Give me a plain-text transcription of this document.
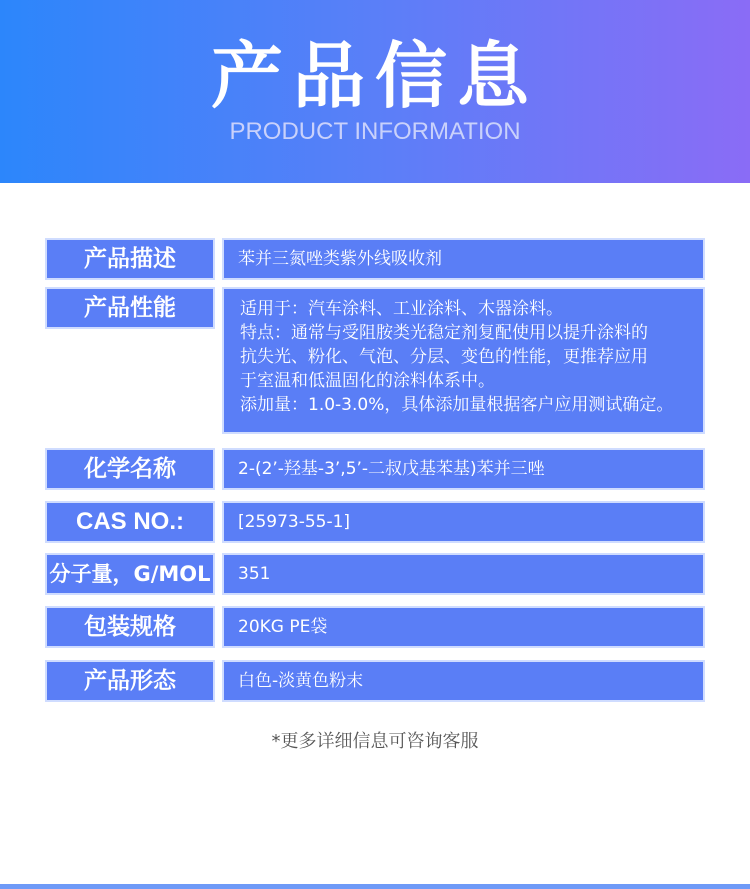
产品信息
PRODUCT INFORMATION
产品描述	苯并三氮唑类紫外线吸收剂
产品性能	适用于：汽车涂料、工业涂料、木器涂料。
特点：通常与受阻胺类光稳定剂复配使用以提升涂料的
抗失光、粉化、气泡、分层、变色的性能，更推荐应用
于室温和低温固化的涂料体系中。
添加量：1.0-3.0%，具体添加量根据客户应用测试确定。
化学名称	2-(2’-羟基-3’,5’-二叔戊基苯基)苯并三唑
CAS NO.:	[25973-55-1]
分子量，G/MOL	351
包装规格	20KG PE袋
产品形态	白色-淡黄色粉末
*更多详细信息可咨询客服
